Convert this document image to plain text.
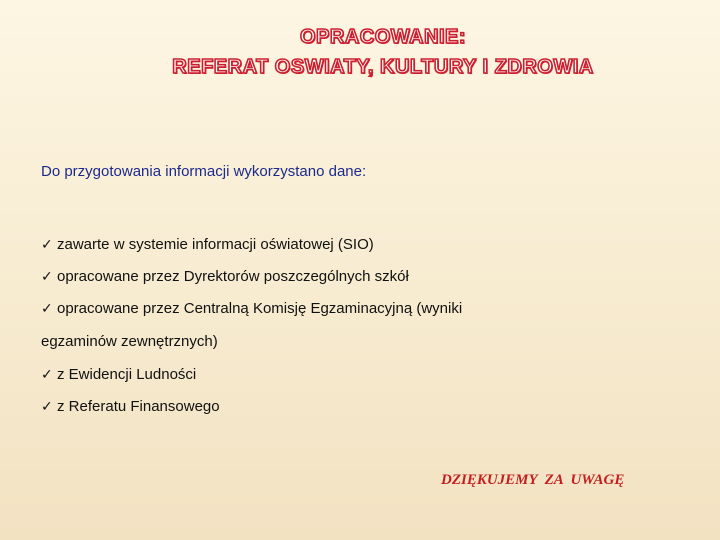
OPRACOWANIE:
REFERAT OSWIATY, KULTURY I ZDROWIA
Do przygotowania informacji wykorzystano dane:
✓ zawarte w systemie informacji oświatowej (SIO)
✓ opracowane przez Dyrektorów poszczególnych szkół
✓ opracowane przez Centralną Komisję Egzaminacyjną (wyniki
egzaminów zewnętrznych)
✓ z Ewidencji Ludności
✓ z Referatu Finansowego
DZIĘKUJEMY  ZA  UWAGĘ
